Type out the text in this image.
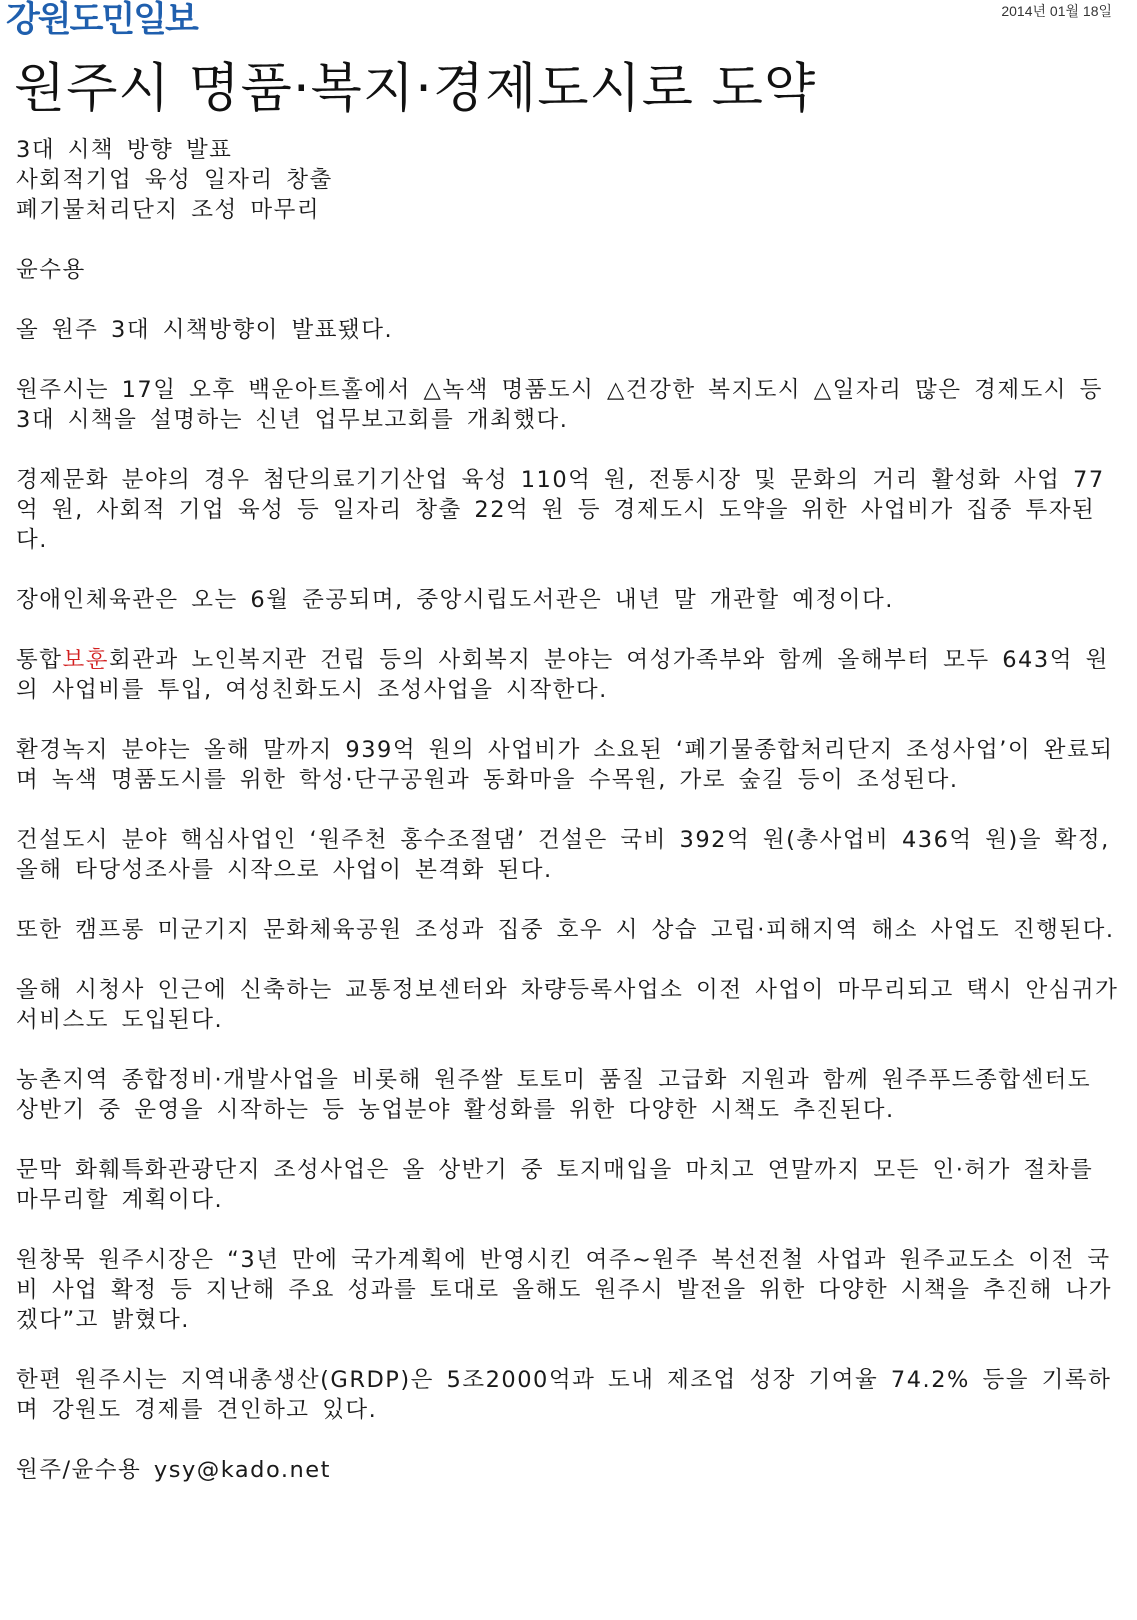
강원도민일보	2014년 01월 18일
원주시 명품·복지·경제도시로 도약

3대 시책 방향 발표

사회적기업 육성 일자리 창출

폐기물처리단지 조성 마무리

윤수용

올 원주 3대 시책방향이 발표됐다.

원주시는 17일 오후 백운아트홀에서 △녹색 명품도시 △건강한 복지도시 △일자리 많은 경제도시 등 3대 시책을 설명하는 신년 업무보고회를 개최했다.

경제문화 분야의 경우 첨단의료기기산업 육성 110억 원, 전통시장 및 문화의 거리 활성화 사업 77억 원, 사회적 기업 육성 등 일자리 창출 22억 원 등 경제도시 도약을 위한 사업비가 집중 투자된다.

장애인체육관은 오는 6월 준공되며, 중앙시립도서관은 내년 말 개관할 예정이다.

통합보훈회관과 노인복지관 건립 등의 사회복지 분야는 여성가족부와 함께 올해부터 모두 643억 원의 사업비를 투입, 여성친화도시 조성사업을 시작한다.

환경녹지 분야는 올해 말까지 939억 원의 사업비가 소요된 ‘폐기물종합처리단지 조성사업’이 완료되며 녹색 명품도시를 위한 학성·단구공원과 동화마을 수목원, 가로 숲길 등이 조성된다.

건설도시 분야 핵심사업인 ‘원주천 홍수조절댐’ 건설은 국비 392억 원(총사업비 436억 원)을 확정, 올해 타당성조사를 시작으로 사업이 본격화 된다.

또한 캠프롱 미군기지 문화체육공원 조성과 집중 호우 시 상습 고립·피해지역 해소 사업도 진행된다.

올해 시청사 인근에 신축하는 교통정보센터와 차량등록사업소 이전 사업이 마무리되고 택시 안심귀가 서비스도 도입된다.

농촌지역 종합정비·개발사업을 비롯해 원주쌀 토토미 품질 고급화 지원과 함께 원주푸드종합센터도 상반기 중 운영을 시작하는 등 농업분야 활성화를 위한 다양한 시책도 추진된다.

문막 화훼특화관광단지 조성사업은 올 상반기 중 토지매입을 마치고 연말까지 모든 인·허가 절차를 마무리할 계획이다.

원창묵 원주시장은 “3년 만에 국가계획에 반영시킨 여주~원주 복선전철 사업과 원주교도소 이전 국비 사업 확정 등 지난해 주요 성과를 토대로 올해도 원주시 발전을 위한 다양한 시책을 추진해 나가겠다”고 밝혔다.

한편 원주시는 지역내총생산(GRDP)은 5조2000억과 도내 제조업 성장 기여율 74.2% 등을 기록하며 강원도 경제를 견인하고 있다.

원주/윤수용 ysy@kado.net
